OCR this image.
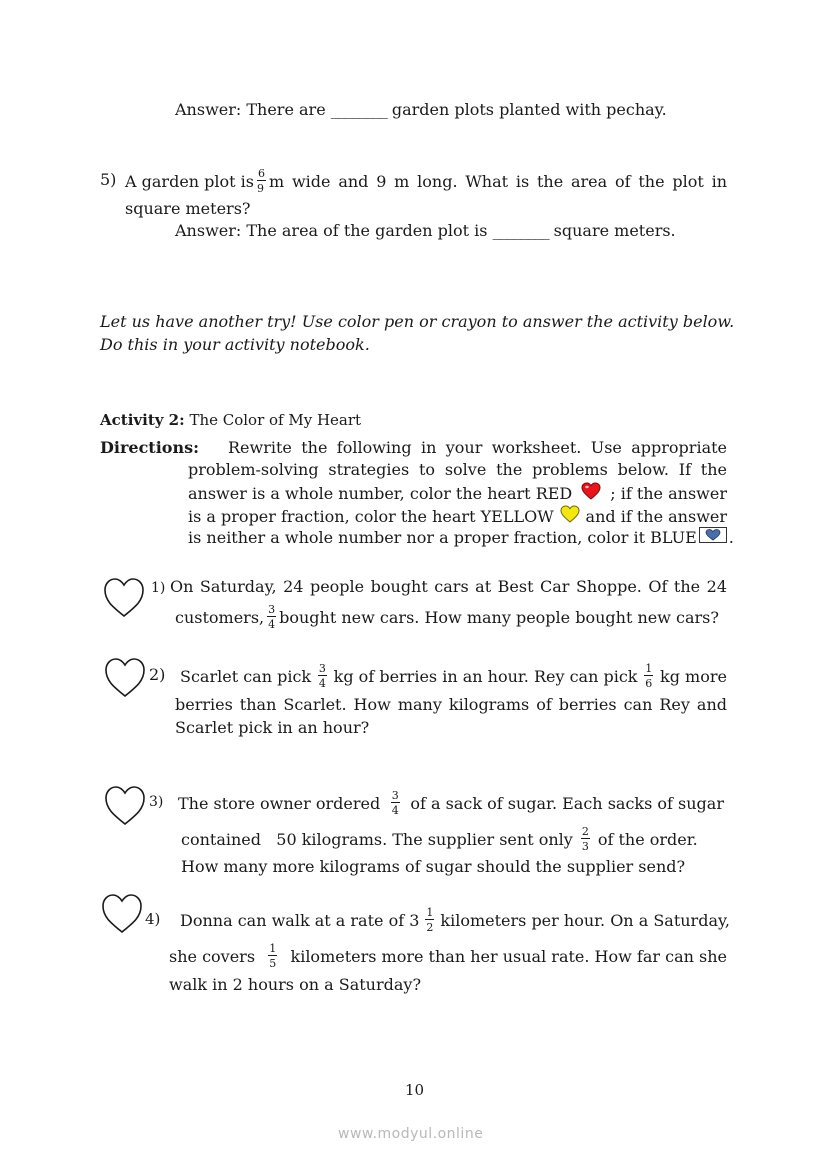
Answer: There are ________ garden plots planted with pechay.
5) A garden plot is $\frac{6}{9}$ m wide and 9 m long. What is the area of the plot in
square meters?
Answer: The area of the garden plot is ________ square meters.
Let us have another try! Use color pen or crayon to answer the activity below.
Do this in your activity notebook.
Activity 2: The Color of My Heart
Directions: Rewrite the following in your worksheet. Use appropriate
problem-solving strategies to solve the problems below. If the
answer is a whole number, color the heart RED ; if the answer
is a proper fraction, color the heart YELLOW and if the answer
is neither a whole number nor a proper fraction, color it BLUE .
1) On Saturday, 24 people bought cars at Best Car Shoppe. Of the 24
customers, $\frac{3}{4}$ bought new cars. How many people bought new cars?
2) Scarlet can pick $\frac{3}{4}$ kg of berries in an hour. Rey can pick $\frac{1}{6}$ kg more
berries than Scarlet. How many kilograms of berries can Rey and
Scarlet pick in an hour?
3) The store owner ordered $\frac{3}{4}$ of a sack of sugar. Each sacks of sugar
contained   50 kilograms. The supplier sent only $\frac{2}{3}$ of the order.
How many more kilograms of sugar should the supplier send?
4) Donna can walk at a rate of $3 \frac{1}{2}$ kilometers per hour. On a Saturday,
she covers $\frac{1}{5}$ kilometers more than her usual rate. How far can she
walk in 2 hours on a Saturday?
10
www.modyul.online
